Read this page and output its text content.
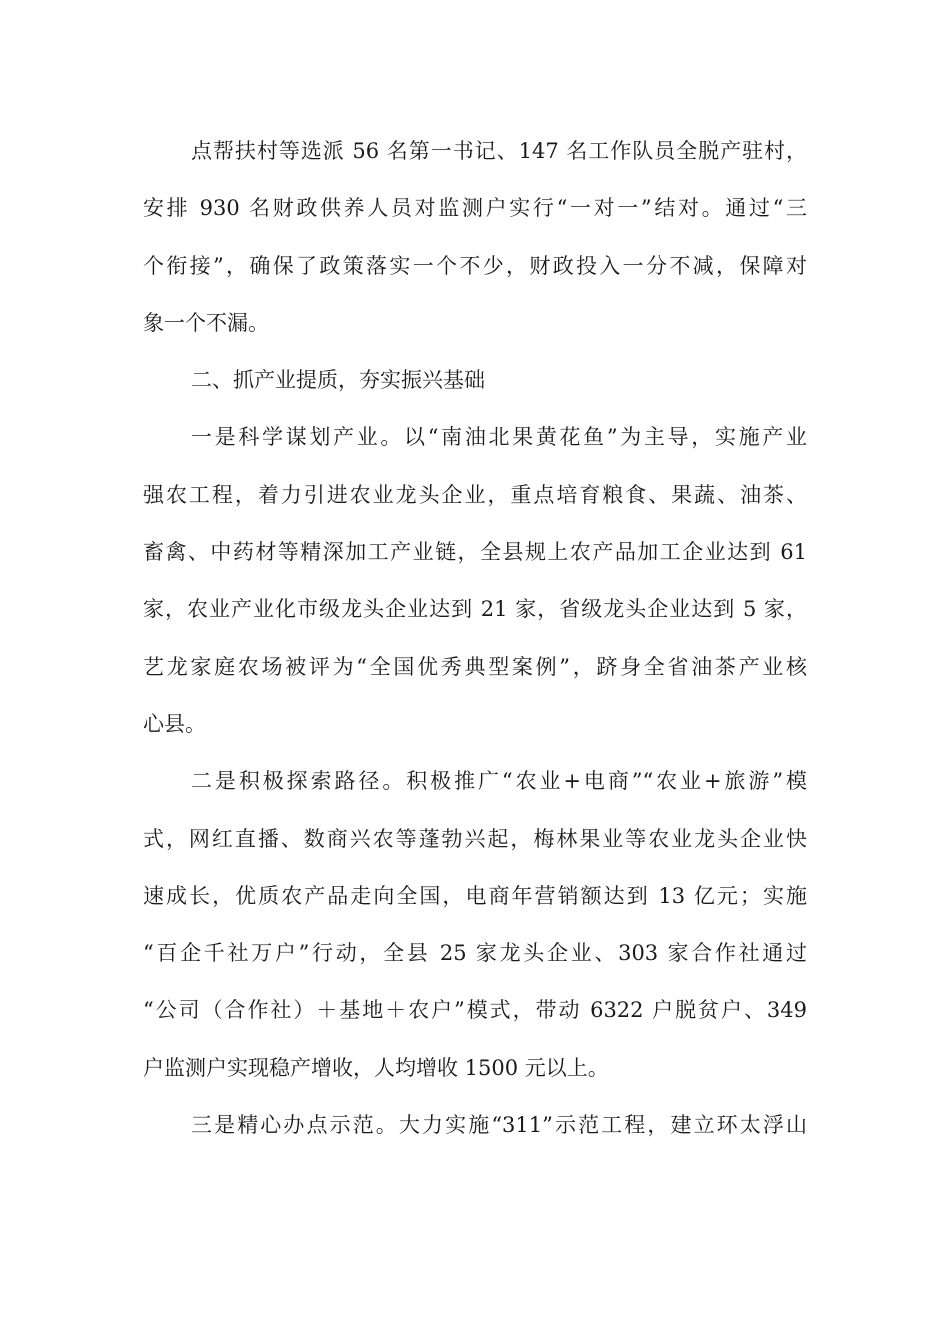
点帮扶村等选派 56 名第一书记、147 名工作队员全脱产驻村，
安排 930 名财政供养人员对监测户实行“一对一”结对。通过“三
个衔接”，确保了政策落实一个不少，财政投入一分不减，保障对
象一个不漏。
二、抓产业提质，夯实振兴基础
一是科学谋划产业。以“南油北果黄花鱼”为主导，实施产业
强农工程，着力引进农业龙头企业，重点培育粮食、果蔬、油茶、
畜禽、中药材等精深加工产业链，全县规上农产品加工企业达到 61
家，农业产业化市级龙头企业达到 21 家，省级龙头企业达到 5 家，
艺龙家庭农场被评为“全国优秀典型案例”，跻身全省油茶产业核
心县。
二是积极探索路径。积极推广“农业+电商”“农业+旅游”模
式，网红直播、数商兴农等蓬勃兴起，梅林果业等农业龙头企业快
速成长，优质农产品走向全国，电商年营销额达到 13 亿元；实施
“百企千社万户”行动，全县 25 家龙头企业、303 家合作社通过
“公司（合作社）＋基地＋农户”模式，带动 6322 户脱贫户、349
户监测户实现稳产增收，人均增收 1500 元以上。
三是精心办点示范。大力实施“311”示范工程，建立环太浮山
